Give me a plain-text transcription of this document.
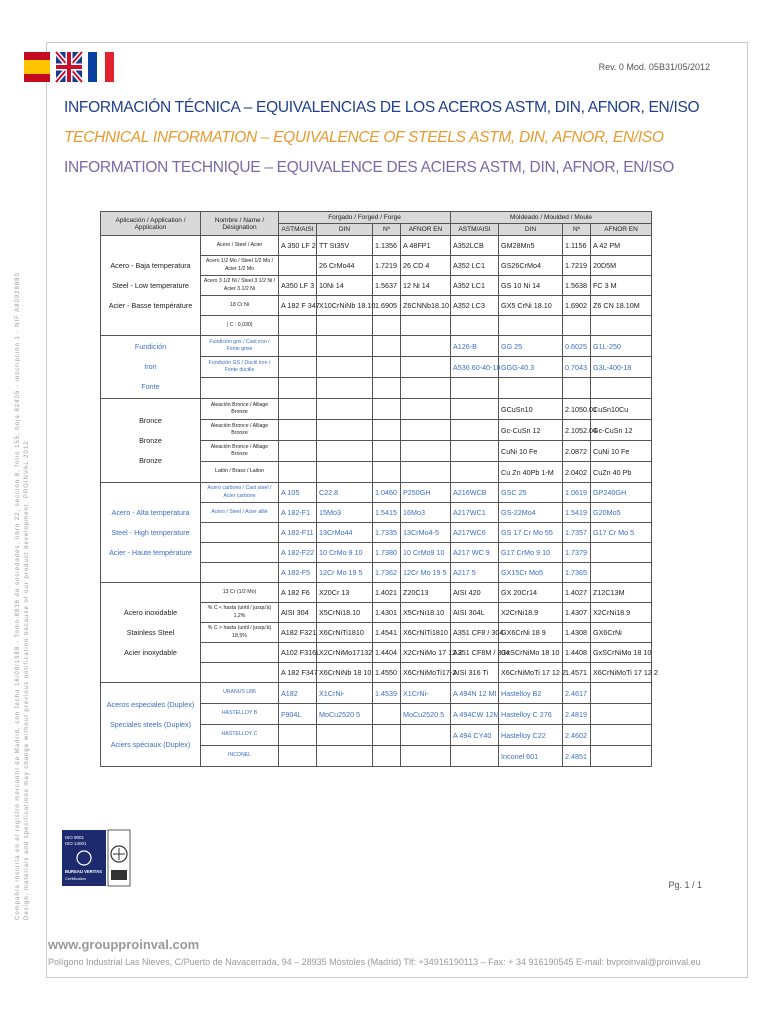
Rev. 0 Mod. 05B31/05/2012
INFORMACIÓN TÉCNICA – EQUIVALENCIAS DE LOS ACEROS ASTM, DIN, AFNOR, EN/ISO
TECHNICAL INFORMATION – EQUIVALENCE OF STEELS ASTM, DIN, AFNOR, EN/ISO
INFORMATION TECHNIQUE – EQUIVALENCE DES ACIERS ASTM, DIN, AFNOR, EN/ISO
Compañía inscrita en el registro mercantil de Madrid, con fecha 16/08/1988 - Tomo 8836 de sociedades, libro 22, sección 8, folio 155, hoja 82405 - inscripción 1 - NIF A80928880 Design, materials and specifications may change without previous notification because of our product development. PROINVAL 2012
Aplicación / Application / Application	Nombre / Name / Désignation	Forgado / Forged / Forge				Moldeado / Moulded / Moule			
		ASTM/AISI	DIN	Nº	AFNOR EN	ASTM/AISI	DIN	Nº	AFNOR EN

Acero - Baja temperatura
Steel - Low temperature
Acier - Basse température	Acero / Steel / Acier	A 350 LF 2	TT St35V	1.1356	A 48FP1	A352LCB	GM28Mn5	1.1156	A 42 PM
	Acero 1/2 Mo / Steel 1/2 Mo / Acier 1/2 Mo		26 CrMo44	1.7219	26 CD 4	A352 LC1	GS26CrMo4	1.7219	20D5M
	Acero 3 1/2 Ni / Steel 3 1/2 Ni / Acier 3 1/2 Ni	A350 LF 3	10Ni 14	1.5637	12 Ni 14	A352 LC1	GS 10 Ni 14	1.5638	FC 3 M
	18 Cr Ni	A 182 F 347	X10CrNiNb 18.10	1.6905	Z6CNNb18.10	A352 LC3	GX5 CrNi 18.10	1.6902	Z6 CN 18.10M
	( C : 0,030)								

Fundición
Iron
Fonte	Fundición gris / Cast iron / Fonte grise					A126-B	GG 25	0.6025	G1L-250
	Fundición GS / Ductil iron / Fonte ductile					A536 60-40-18	GGG-40.3	0.7043	G3L-400-18

Bronce
Bronze
Bronze	Aleación Bronce / Alliage Bronze						GCuSn10	2.1050.01	CuSn10Cu
	Aleación Bronce / Alliage Bronze						Gc-CuSn 12	2.1052.04	Gc-CuSn 12
	Aleación Bronce / Alliage Bronze						CuNi 10 Fe	2.0872	CuNi 10 Fe
	Latón / Brass / Laiton						Cu Zn 40Pb 1-M	2.0402	CuZn 40 Pb

Acero - Alta temperatura
Steel - High temperature
Acier - Haute température	Acero carbono / Cast steel / Acier carbone	A 105	C22.8	1.0460	P250GH	A216WCB	GSC 25	1.0619	GP240GH
	Acero / Steel / Acier allié	A 182-F1	15Mo3	1.5415	16Mo3	A217WC1	GS-22Mo4	1.5419	G20Mo5
		A 182-F11	13CrMo44	1.7335	13CrMo4-5	A217WC6	GS 17 Cr Mo 55	1.7357	G17 Cr Mo 5
		A 182-F22	10 CrMo 9 10	1.7380	10 CrMo9 10	A217 WC 9	G17 CrMo 9 10	1.7379	
		A 182-F5	12Cr Mo 19 5	1.7362	12Cr Mo 19 5	A217 5	GX15Cr Mo5	1.7365	

Acero inoxidable
Stainless Steel
Acier inoxydable	13 Cr (1/2 Mo)	A 182 F6	X20Cr 13	1.4021	Z20C13	AISI 420	GX 20Cr14	1.4027	Z12C13M
	% C < hasta (until / jusqu'à) 1,2%	AISI 304	X5CrNi18.10	1.4301	X5CrNi18.10	AISI 304L	X2CrNi18.9	1.4307	X2CrNi18.9
	% C > hasta (until / jusqu'à) 18,5%	A182 F321	X6CrNiTi1810	1.4541	X6CrNiTi1810	A351 CF8 / 304	GX6CrNi 18 9	1.4308	GX6CrNi
		A102 F316L	X2CrNiMo17132	1.4404	X2CrNiMo 17 12 2	A351 CF8M / 304	GxSCrNiMo 18 10	1.4408	GxSCrNiMo 18 10
		A 182 F347	X6CrNiNb 18 10	1.4550	X6CrNiMoTi17-2	AISI 316 Ti	X6CrNiMoTi 17 12 2	1.4571	X6CrNiMoTi 17 12 2

Aceros especiales (Duplex)
Speciales steels (Duplex)
Aciers spéciaux (Duplex)	URANUS U86	A182	X1CrNi-	1.4539	X1CrNi-	A 494N 12 MI	Hastelloy B2	2.4617	
	HASTELLOY B	F904L	MoCu2520 5		MoCu2520 5	A 494CW 12M	Hastelloy C 276	2.4819	
	HASTELLOY C					A 494 CY40	Hastelloy C22	2.4602	
	INCONEL						Inconel 601	2.4851	
ISO 9001
ISO 14001
BUREAU VERITAS
Certification
Pg. 1 / 1
www.groupproinval.com
Polígono Industrial Las Nieves, C/Puerto de Navacerrada, 94 – 28935 Móstoles (Madrid) Tlf: +34916190113 – Fax: + 34 916190545 E-mail: bvproinval@proinval.eu
